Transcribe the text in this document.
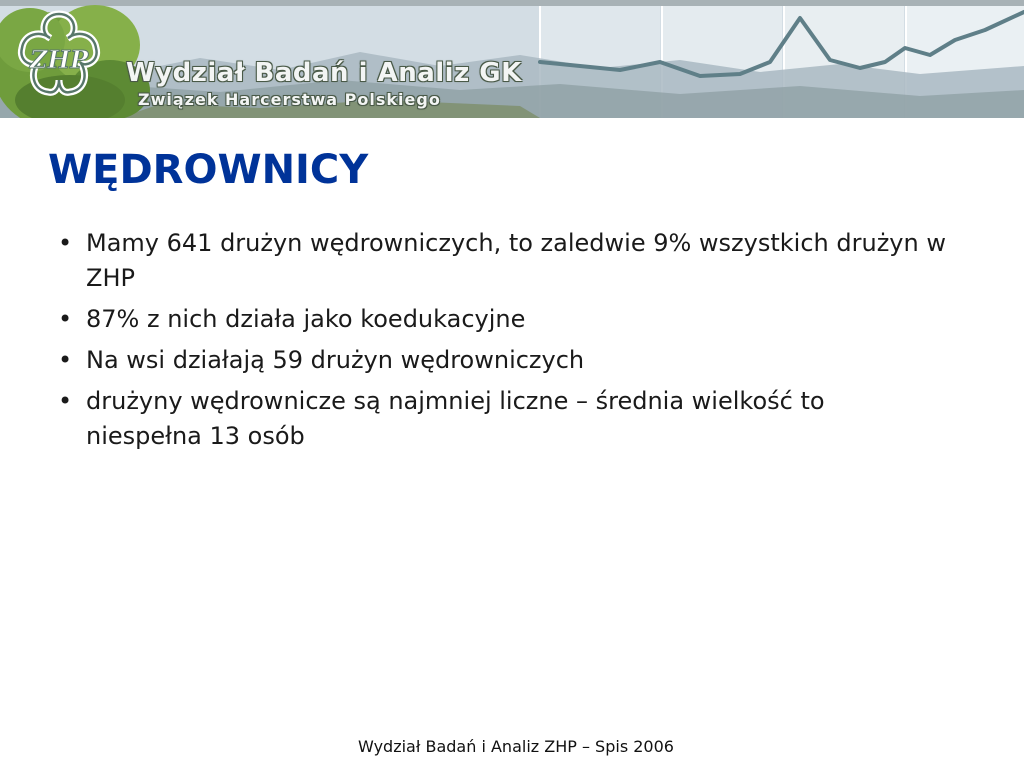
ZHP Wydział Badań i Analiz GK
Związek Harcerstwa Polskiego
WĘDROWNICY
• Mamy 641 drużyn wędrowniczych, to zaledwie 9% wszystkich drużyn w ZHP
• 87% z nich działa jako koedukacyjne
• Na wsi działają 59 drużyn wędrowniczych
• drużyny wędrownicze są najmniej liczne – średnia wielkość to niespełna 13 osób
Wydział Badań i Analiz ZHP – Spis 2006
